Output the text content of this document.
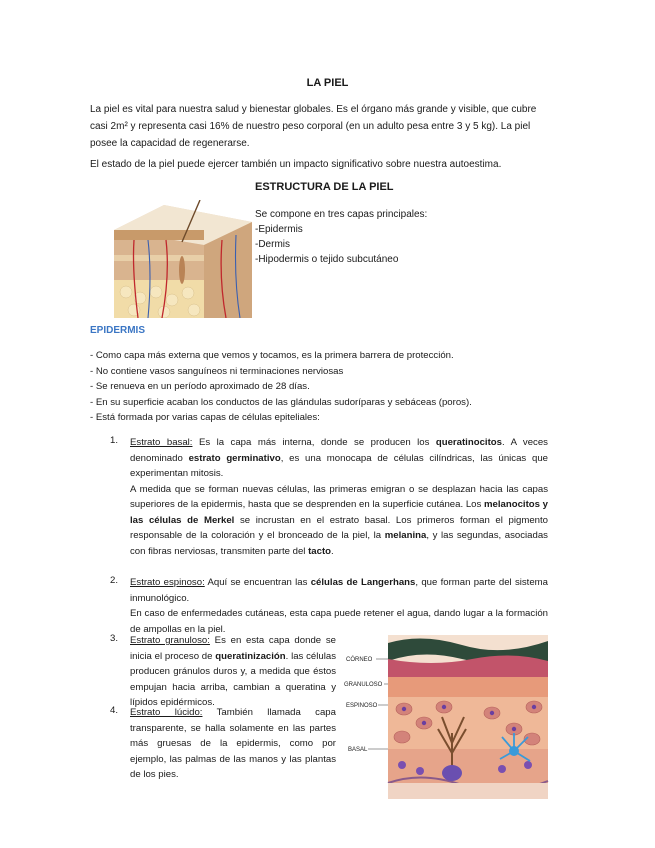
LA PIEL

La piel es vital para nuestra salud y bienestar globales. Es el órgano más grande y visible, que cubre casi 2m² y representa casi 16% de nuestro peso corporal (en un adulto pesa entre 3 y 5 kg). La piel posee la capacidad de regenerarse.

El estado de la piel puede ejercer también un impacto significativo sobre nuestra autoestima.

ESTRUCTURA DE LA PIEL
Se compone en tres capas principales:
-Epidermis
-Dermis
-Hipodermis o tejido subcutáneo
EPIDERMIS
- Como capa más externa que vemos y tocamos, es la primera barrera de protección.
- No contiene vasos sanguíneos ni terminaciones nerviosas
- Se renueva en un período aproximado de 28 días.
- En su superficie acaban los conductos de las glándulas sudoríparas y sebáceas (poros).
- Está formada por varias capas de células epiteliales:
1. Estrato basal: Es la capa más interna, donde se producen los queratinocitos. A veces denominado estrato germinativo, es una monocapa de células cilíndricas, las únicas que experimentan mitosis.
A medida que se forman nuevas células, las primeras emigran o se desplazan hacia las capas superiores de la epidermis, hasta que se desprenden en la superficie cutánea. Los melanocitos y las células de Merkel se incrustan en el estrato basal. Los primeros forman el pigmento responsable de la coloración y el bronceado de la piel, la melanina, y las segundas, asociadas con fibras nerviosas, transmiten parte del tacto.
2. Estrato espinoso: Aquí se encuentran las células de Langerhans, que forman parte del sistema inmunológico.
En caso de enfermedades cutáneas, esta capa puede retener el agua, dando lugar a la formación de ampollas en la piel.
3. Estrato granuloso: Es en esta capa donde se inicia el proceso de queratinización. las células producen gránulos duros y, a medida que éstos empujan hacia arriba, cambian a queratina y lípidos epidérmicos.
4. Estrato lúcido: También llamada capa transparente, se halla solamente en las partes más gruesas de la epidermis, como por ejemplo, las palmas de las manos y las plantas de los pies.
CÓRNEO
GRANULOSO
ESPINOSO
BASAL
